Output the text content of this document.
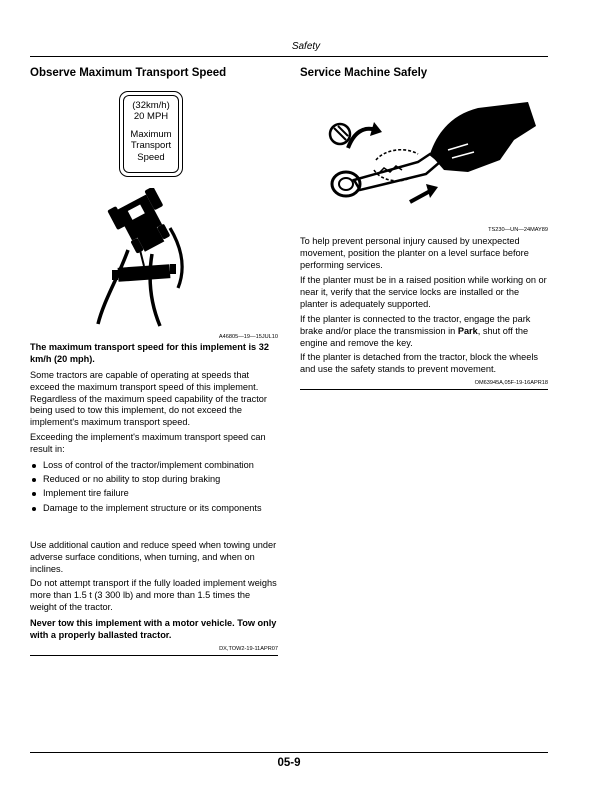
Safety
Observe Maximum Transport Speed
(32km/h)
20 MPH
Maximum
Transport
Speed
A46805—19—15JUL10

The maximum transport speed for this implement is 32 km/h (20 mph).

Some tractors are capable of operating at speeds that exceed the maximum transport speed of this implement. Regardless of the maximum speed capability of the tractor being used to tow this implement, do not exceed the implement's maximum transport speed.

Exceeding the implement's maximum transport speed can result in:

Loss of control of the tractor/implement combination
Reduced or no ability to stop during braking
Implement tire failure
Damage to the implement structure or its components

Use additional caution and reduce speed when towing under adverse surface conditions, when turning, and when on inclines.

Do not attempt transport if the fully loaded implement weighs more than 1.5 t (3 300 lb) and more than 1.5 times the weight of the tractor.

Never tow this implement with a motor vehicle. Tow only with a properly ballasted tractor.

DX,TOW2-19-11APR07
Service Machine Safely
TS230—UN—24MAY89

To help prevent personal injury caused by unexpected movement, position the planter on a level surface before performing services.

If the planter must be in a raised position while working on or near it, verify that the service locks are installed or the planter is adequately supported.

If the planter is connected to the tractor, engage the park brake and/or place the transmission in Park, shut off the engine and remove the key.

If the planter is detached from the tractor, block the wheels and use the safety stands to prevent movement.

OM63945A,05F-19-16APR18
05-9
